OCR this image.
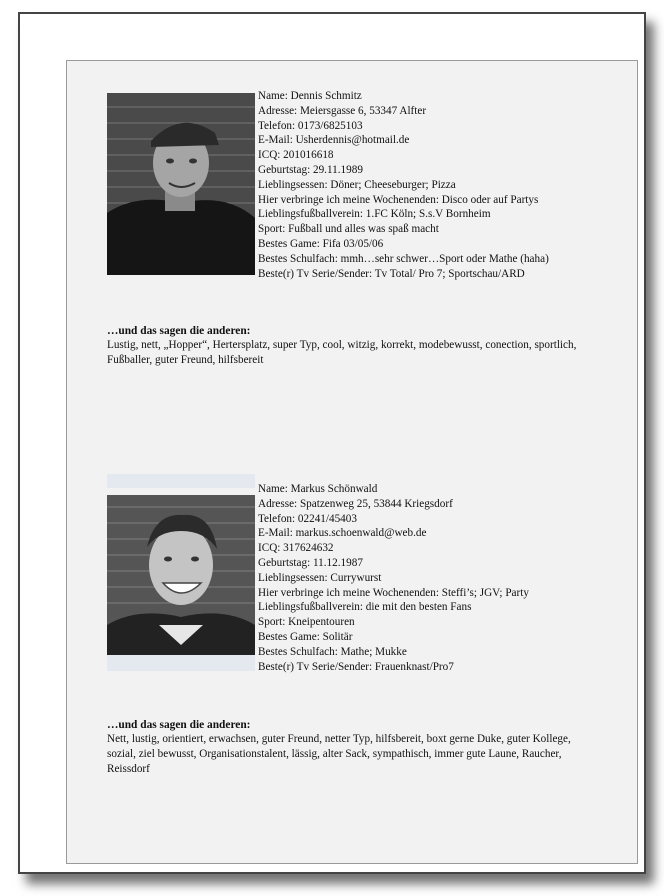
Name: Dennis Schmitz
Adresse: Meiersgasse 6, 53347 Alfter
Telefon: 0173/6825103
E-Mail: Usherdennis@hotmail.de
ICQ: 201016618
Geburtstag: 29.11.1989
Lieblingsessen: Döner; Cheeseburger; Pizza
Hier verbringe ich meine Wochenenden: Disco oder auf Partys
Lieblingsfußballverein: 1.FC Köln; S.s.V Bornheim
Sport: Fußball und alles was spaß macht
Bestes Game: Fifa 03/05/06
Bestes Schulfach: mmh…sehr schwer…Sport oder Mathe (haha)
Beste(r) Tv Serie/Sender: Tv Total/ Pro 7; Sportschau/ARD
…und das sagen die anderen:
Lustig, nett, „Hopper“, Hertersplatz, super Typ, cool, witzig, korrekt, modebewusst, conection, sportlich, Fußballer, guter Freund, hilfsbereit
Name: Markus Schönwald
Adresse: Spatzenweg 25, 53844 Kriegsdorf
Telefon: 02241/45403
E-Mail: markus.schoenwald@web.de
ICQ: 317624632
Geburtstag: 11.12.1987
Lieblingsessen: Currywurst
Hier verbringe ich meine Wochenenden: Steffi’s; JGV; Party
Lieblingsfußballverein: die mit den besten Fans
Sport: Kneipentouren
Bestes Game: Solitär
Bestes Schulfach: Mathe; Mukke
Beste(r) Tv Serie/Sender: Frauenknast/Pro7
…und das sagen die anderen:
Nett, lustig, orientiert, erwachsen, guter Freund, netter Typ, hilfsbereit, boxt gerne Duke, guter Kollege, sozial, ziel bewusst, Organisationstalent, lässig, alter Sack, sympathisch, immer gute Laune, Raucher, Reissdorf
